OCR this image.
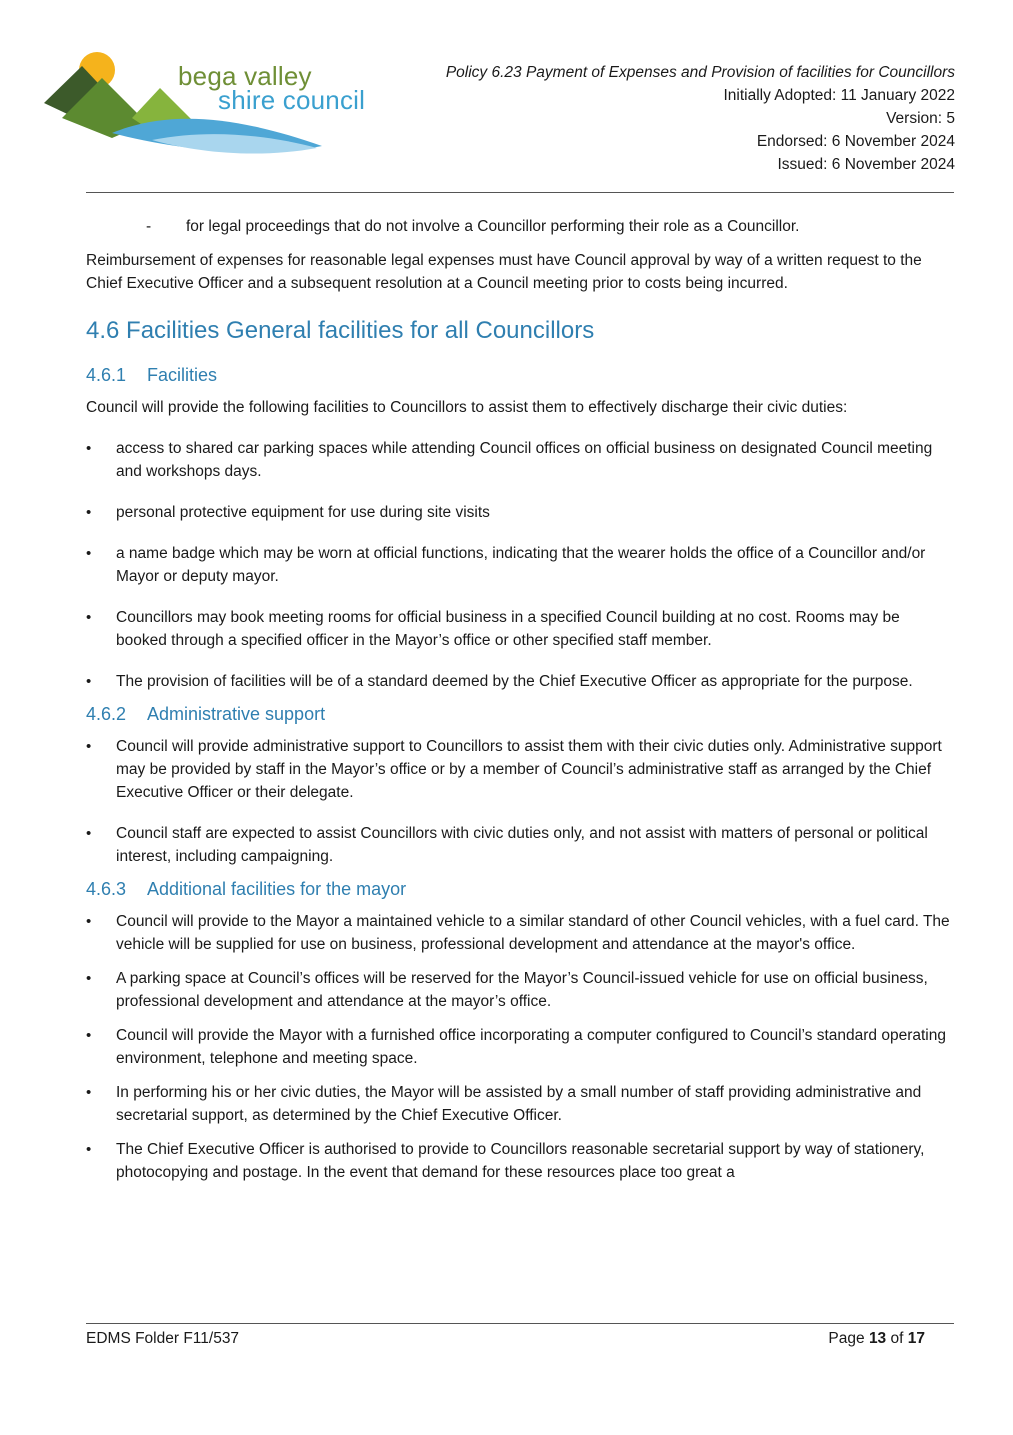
bega valley
shire council
Policy 6.23 Payment of Expenses and Provision of facilities for Councillors
Initially Adopted: 11 January 2022
Version: 5
Endorsed: 6 November 2024
Issued: 6 November 2024
-	for legal proceedings that do not involve a Councillor performing their role as a Councillor.

Reimbursement of expenses for reasonable legal expenses must have Council approval by way of a written request to the Chief Executive Officer and a subsequent resolution at a Council meeting prior to costs being incurred.

4.6 Facilities General facilities for all Councillors
4.6.1 Facilities

Council will provide the following facilities to Councillors to assist them to effectively discharge their civic duties:

•	access to shared car parking spaces while attending Council offices on official business on designated Council meeting and workshops days.
•	personal protective equipment for use during site visits
•	a name badge which may be worn at official functions, indicating that the wearer holds the office of a Councillor and/or Mayor or deputy mayor.
•	Councillors may book meeting rooms for official business in a specified Council building at no cost. Rooms may be booked through a specified officer in the Mayor’s office or other specified staff member.
•	The provision of facilities will be of a standard deemed by the Chief Executive Officer as appropriate for the purpose.
4.6.2 Administrative support
•	Council will provide administrative support to Councillors to assist them with their civic duties only. Administrative support may be provided by staff in the Mayor’s office or by a member of Council’s administrative staff as arranged by the Chief Executive Officer or their delegate.
•	Council staff are expected to assist Councillors with civic duties only, and not assist with matters of personal or political interest, including campaigning.
4.6.3 Additional facilities for the mayor
•	Council will provide to the Mayor a maintained vehicle to a similar standard of other Council vehicles, with a fuel card. The vehicle will be supplied for use on business, professional development and attendance at the mayor's office.
•	A parking space at Council’s offices will be reserved for the Mayor’s Council-issued vehicle for use on official business, professional development and attendance at the mayor’s office.
•	Council will provide the Mayor with a furnished office incorporating a computer configured to Council’s standard operating environment, telephone and meeting space.
•	In performing his or her civic duties, the Mayor will be assisted by a small number of staff providing administrative and secretarial support, as determined by the Chief Executive Officer.
•	The Chief Executive Officer is authorised to provide to Councillors reasonable secretarial support by way of stationery, photocopying and postage. In the event that demand for these resources place too great a
EDMS Folder F11/537	Page 13 of 17
